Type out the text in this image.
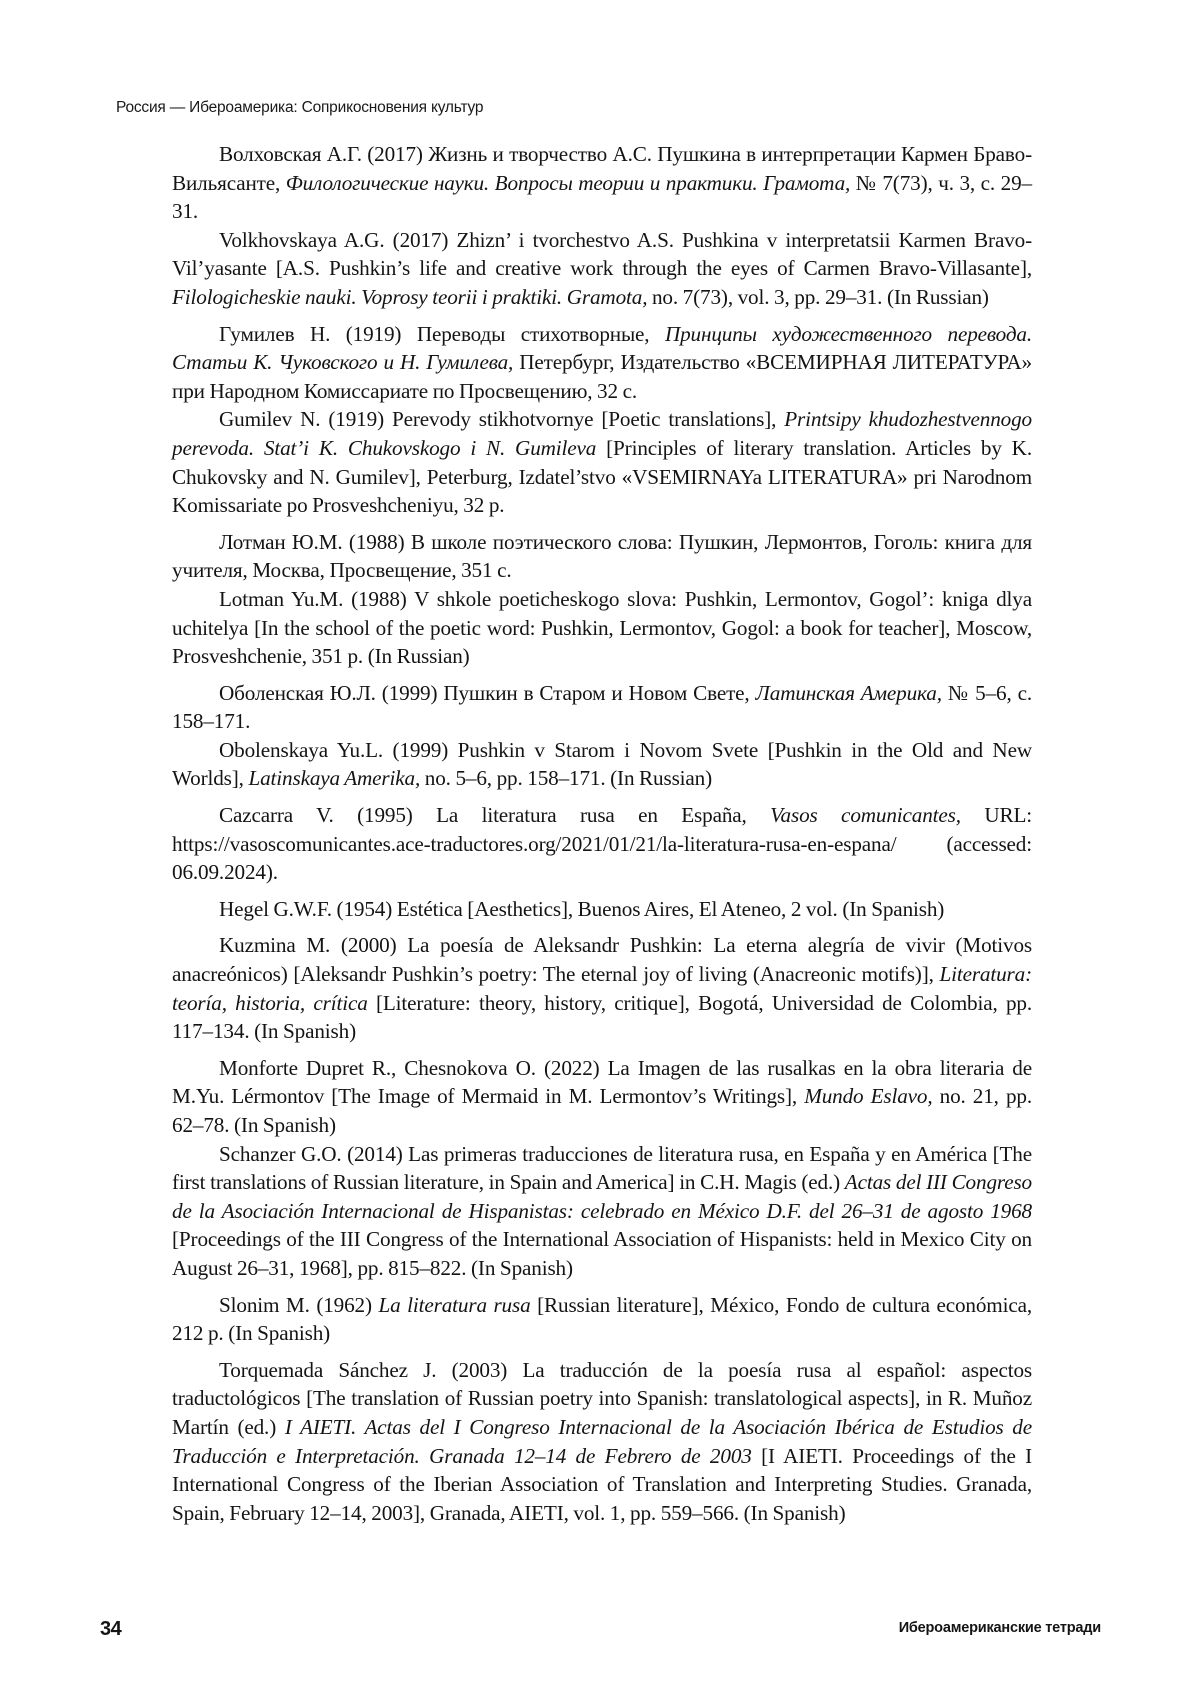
Россия — Ибероамерика: Соприкосновения культур

Волховская А.Г. (2017) Жизнь и творчество А.С. Пушкина в интерпретации Кармен Браво-Вильясанте, Филологические науки. Вопросы теории и практики. Грамота, № 7(73), ч. 3, с. 29–31.

Volkhovskaya A.G. (2017) Zhizn’ i tvorchestvo A.S. Pushkina v interpretatsii Karmen Bravo-Vil’yasante [A.S. Pushkin’s life and creative work through the eyes of Carmen Bravo-Villasante], Filologicheskie nauki. Voprosy teorii i praktiki. Gramota, no. 7(73), vol. 3, pp. 29–31. (In Russian)

Гумилев Н. (1919) Переводы стихотворные, Принципы художественного перевода. Статьи К. Чуковского и Н. Гумилева, Петербург, Издательство «ВСЕМИРНАЯ ЛИТЕРАТУРА» при Народном Комиссариате по Просвещению, 32 с.

Gumilev N. (1919) Perevody stikhotvornye [Poetic translations], Printsipy khudozhestvennogo perevoda. Stat’i K. Chukovskogo i N. Gumileva [Principles of literary translation. Articles by K. Chukovsky and N. Gumilev], Peterburg, Izdatel’stvo «VSEMIRNAYa LITERATURA» pri Narodnom Komissariate po Prosveshcheniyu, 32 p.

Лотман Ю.М. (1988) В школе поэтического слова: Пушкин, Лермонтов, Гоголь: книга для учителя, Москва, Просвещение, 351 с.

Lotman Yu.M. (1988) V shkole poeticheskogo slova: Pushkin, Lermontov, Gogol’: kniga dlya uchitelya [In the school of the poetic word: Pushkin, Lermontov, Gogol: a book for teacher], Moscow, Prosveshchenie, 351 p. (In Russian)

Оболенская Ю.Л. (1999) Пушкин в Старом и Новом Свете, Латинская Америка, № 5–6, с. 158–171.

Obolenskaya Yu.L. (1999) Pushkin v Starom i Novom Svete [Pushkin in the Old and New Worlds], Latinskaya Amerika, no. 5–6, pp. 158–171. (In Russian)

Cazcarra V. (1995) La literatura rusa en España, Vasos comunicantes, URL: https://vasoscomunicantes.ace-traductores.org/2021/01/21/la-literatura-rusa-en-espana/ (accessed: 06.09.2024).

Hegel G.W.F. (1954) Estética [Aesthetics], Buenos Aires, El Ateneo, 2 vol. (In Spanish)

Kuzmina M. (2000) La poesía de Aleksandr Pushkin: La eterna alegría de vivir (Motivos anacreónicos) [Aleksandr Pushkin’s poetry: The eternal joy of living (Anacreonic motifs)], Literatura: teoría, historia, crítica [Literature: theory, history, critique], Bogotá, Universidad de Colombia, pp. 117–134. (In Spanish)

Monforte Dupret R., Chesnokova O. (2022) La Imagen de las rusalkas en la obra literaria de M.Yu. Lérmontov [The Image of Mermaid in M. Lermontov’s Writings], Mundo Eslavo, no. 21, pp. 62–78. (In Spanish)

Schanzer G.O. (2014) Las primeras traducciones de literatura rusa, en España y en América [The first translations of Russian literature, in Spain and America] in C.H. Magis (ed.) Actas del III Congreso de la Asociación Internacional de Hispanistas: celebrado en México D.F. del 26–31 de agosto 1968 [Proceedings of the III Congress of the International Association of Hispanists: held in Mexico City on August 26–31, 1968], pp. 815–822. (In Spanish)

Slonim M. (1962) La literatura rusa [Russian literature], México, Fondo de cultura económica, 212 p. (In Spanish)

Torquemada Sánchez J. (2003) La traducción de la poesía rusa al español: aspectos traductológicos [The translation of Russian poetry into Spanish: translatological aspects], in R. Muñoz Martín (ed.) I AIETI. Actas del I Congreso Internacional de la Asociación Ibérica de Estudios de Traducción e Interpretación. Granada 12–14 de Febrero de 2003 [I AIETI. Proceedings of the I International Congress of the Iberian Association of Translation and Interpreting Studies. Granada, Spain, February 12–14, 2003], Granada, AIETI, vol. 1, pp. 559–566. (In Spanish)

34	Ибероамериканские тетради
